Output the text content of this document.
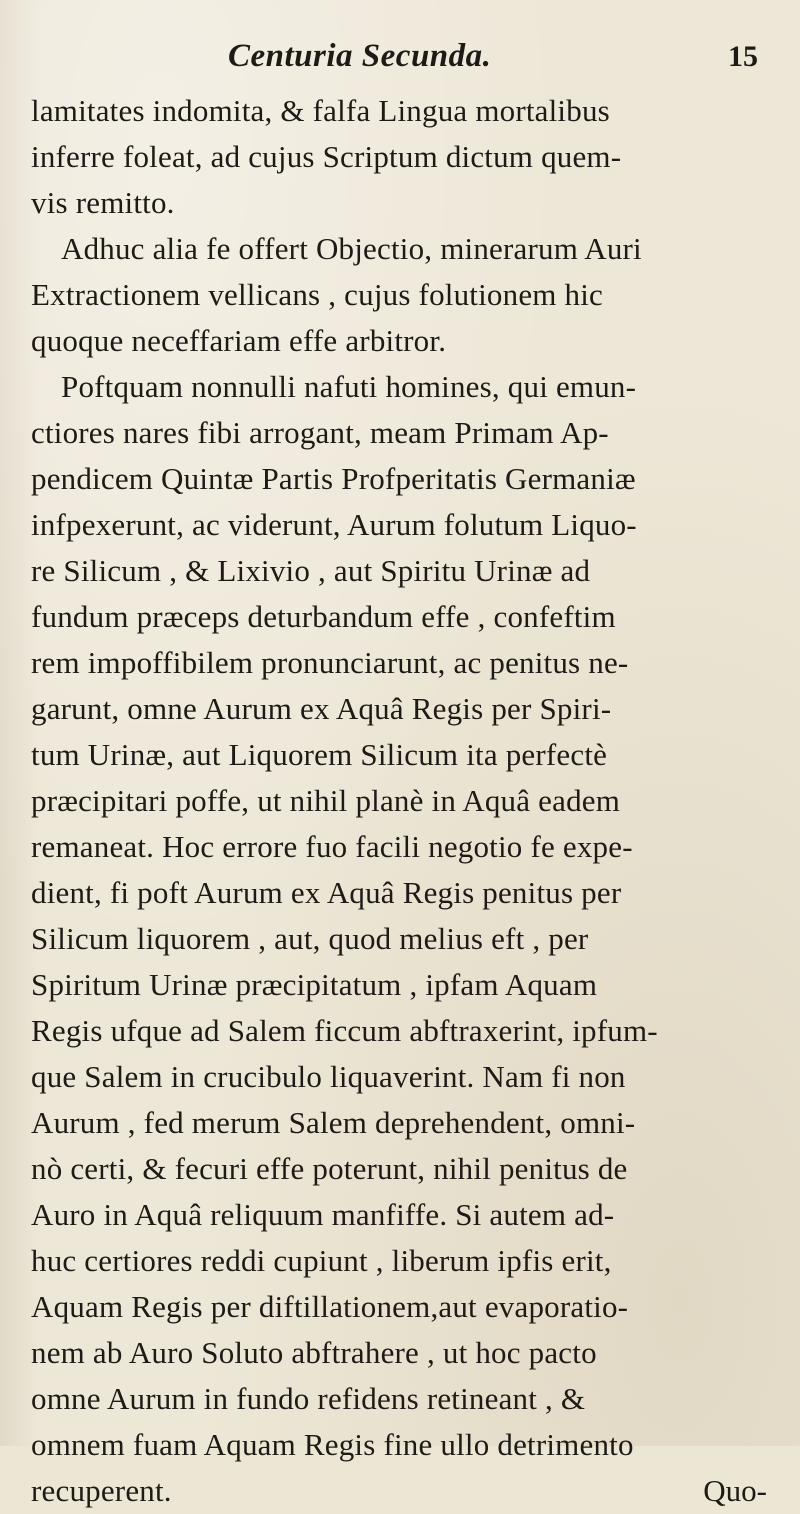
Centuria Secunda.	15
lamitates indomita, & falfa Lingua mortalibus
inferre foleat, ad cujus Scriptum dictum quem-
vis remitto.
Adhuc alia fe offert Objectio, minerarum Auri
Extractionem vellicans , cujus folutionem hic
quoque neceffariam effe arbitror.
Poftquam nonnulli nafuti homines, qui emun-
ctiores nares fibi arrogant, meam Primam Ap-
pendicem Quintæ Partis Profperitatis Germaniæ
infpexerunt, ac viderunt, Aurum folutum Liquo-
re Silicum , & Lixivio , aut Spiritu Urinæ ad
fundum præceps deturbandum effe , confeftim
rem impoffibilem pronunciarunt, ac penitus ne-
garunt, omne Aurum ex Aquâ Regis per Spiri-
tum Urinæ, aut Liquorem Silicum ita perfectè
præcipitari poffe, ut nihil planè in Aquâ eadem
remaneat. Hoc errore fuo facili negotio fe expe-
dient, fi poft Aurum ex Aquâ Regis penitus per
Silicum liquorem , aut, quod melius eft , per
Spiritum Urinæ præcipitatum , ipfam Aquam
Regis ufque ad Salem ficcum abftraxerint, ipfum-
que Salem in crucibulo liquaverint. Nam fi non
Aurum , fed merum Salem deprehendent, omni-
nò certi, & fecuri effe poterunt, nihil penitus de
Auro in Aquâ reliquum manfiffe. Si autem ad-
huc certiores reddi cupiunt , liberum ipfis erit,
Aquam Regis per diftillationem,aut evaporatio-
nem ab Auro Soluto abftrahere , ut hoc pacto
omne Aurum in fundo refidens retineant , &
omnem fuam Aquam Regis fine ullo detrimento
recuperent.	Quo-
